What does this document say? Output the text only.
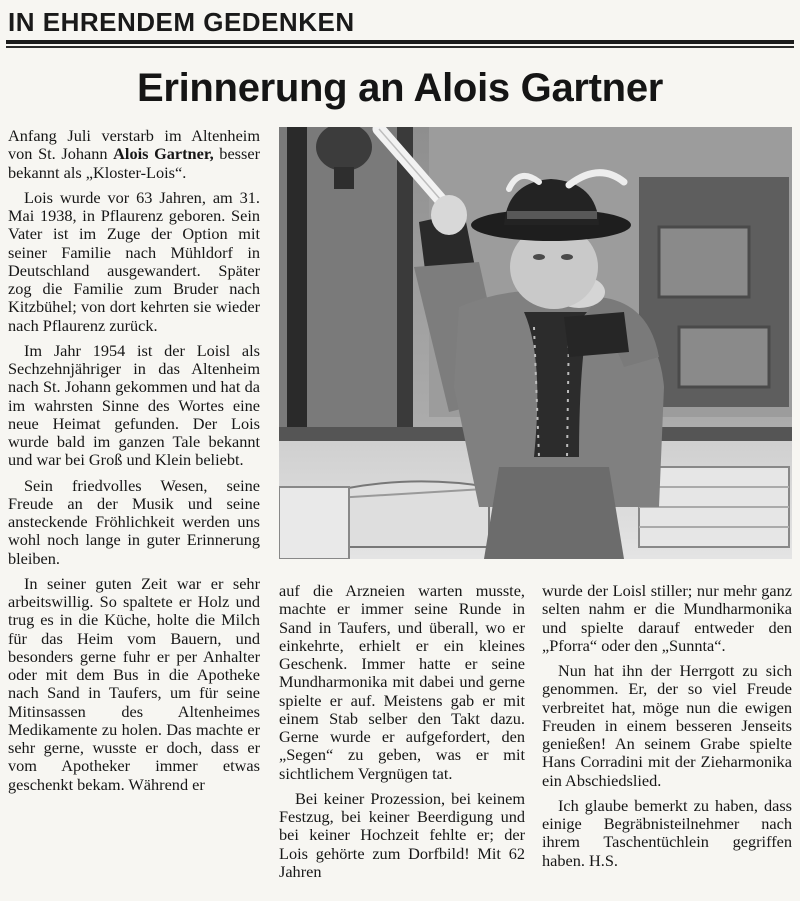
IN EHRENDEM GEDENKEN
Erinnerung an Alois Gartner

Anfang Juli verstarb im Altenheim von St. Johann Alois Gartner, besser bekannt als „Kloster-Lois“.

Lois wurde vor 63 Jahren, am 31. Mai 1938, in Pflaurenz geboren. Sein Vater ist im Zuge der Option mit seiner Familie nach Mühldorf in Deutschland ausgewandert. Später zog die Familie zum Bruder nach Kitzbühel; von dort kehrten sie wieder nach Pflaurenz zurück.

Im Jahr 1954 ist der Loisl als Sechzehnjähriger in das Altenheim nach St. Johann gekommen und hat da im wahrsten Sinne des Wortes eine neue Heimat gefunden. Der Lois wurde bald im ganzen Tale bekannt und war bei Groß und Klein beliebt.

Sein friedvolles Wesen, seine Freude an der Musik und seine ansteckende Fröhlichkeit werden uns wohl noch lange in guter Erinnerung bleiben.

In seiner guten Zeit war er sehr arbeitswillig. So spaltete er Holz und trug es in die Küche, holte die Milch für das Heim vom Bauern, und besonders gerne fuhr er per Anhalter oder mit dem Bus in die Apotheke nach Sand in Taufers, um für seine Mitinsassen des Altenheimes Medikamente zu holen. Das machte er sehr gerne, wusste er doch, dass er vom Apotheker immer etwas geschenkt bekam. Während er

auf die Arzneien warten musste, machte er immer seine Runde in Sand in Taufers, und überall, wo er einkehrte, erhielt er ein kleines Geschenk. Immer hatte er seine Mundharmonika mit dabei und gerne spielte er auf. Meistens gab er mit einem Stab selber den Takt dazu. Gerne wurde er aufgefordert, den „Segen“ zu geben, was er mit sichtlichem Vergnügen tat.

Bei keiner Prozession, bei keinem Festzug, bei keiner Beerdigung und bei keiner Hochzeit fehlte er; der Lois gehörte zum Dorfbild! Mit 62 Jahren

wurde der Loisl stiller; nur mehr ganz selten nahm er die Mundharmonika und spielte darauf entweder den „Pforra“ oder den „Sunnta“.

Nun hat ihn der Herrgott zu sich genommen. Er, der so viel Freude verbreitet hat, möge nun die ewigen Freuden in einem besseren Jenseits genießen! An seinem Grabe spielte Hans Corradini mit der Zieharmonika ein Abschiedslied.

Ich glaube bemerkt zu haben, dass einige Begräbnisteilnehmer nach ihrem Taschentüchlein gegriffen haben. H.S.
